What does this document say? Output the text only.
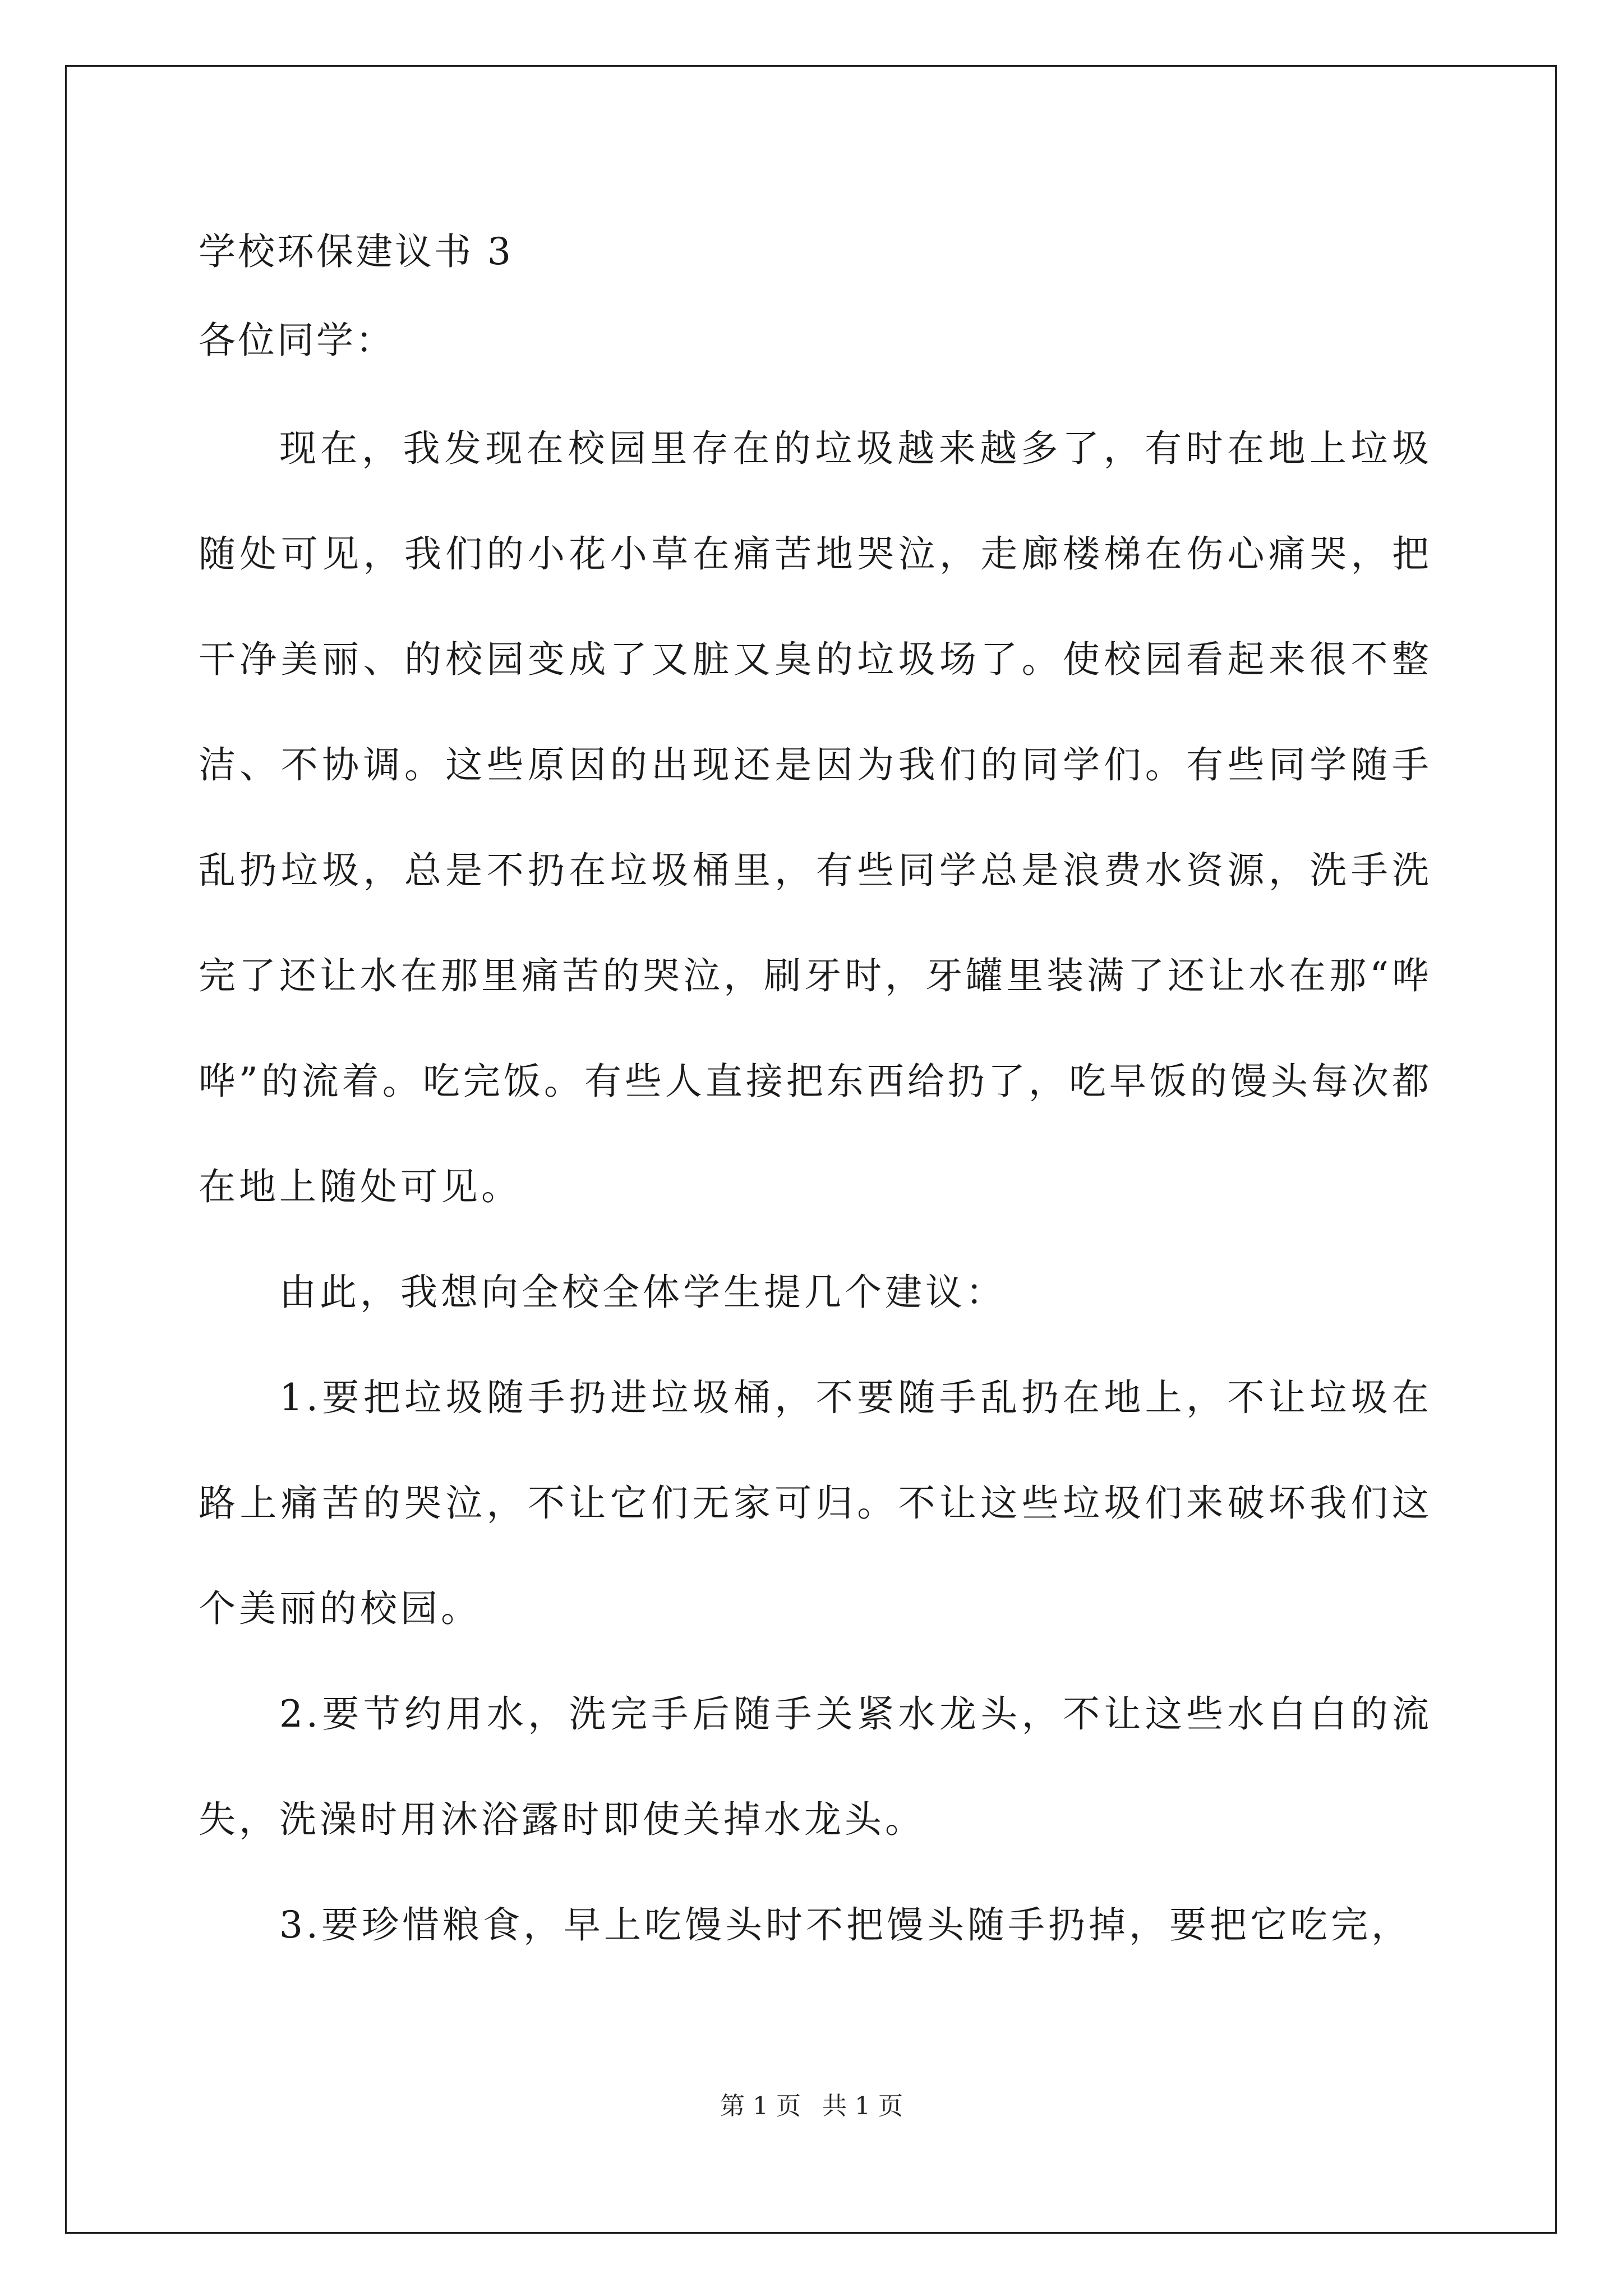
学校环保建议书 3

各位同学：

现在，我发现在校园里存在的垃圾越来越多了，有时在地上垃圾随处可见，我们的小花小草在痛苦地哭泣，走廊楼梯在伤心痛哭，把干净美丽、的校园变成了又脏又臭的垃圾场了。使校园看起来很不整洁、不协调。这些原因的出现还是因为我们的同学们。有些同学随手乱扔垃圾，总是不扔在垃圾桶里，有些同学总是浪费水资源，洗手洗完了还让水在那里痛苦的哭泣，刷牙时，牙罐里装满了还让水在那“哗哗”的流着。吃完饭。有些人直接把东西给扔了，吃早饭的馒头每次都在地上随处可见。

由此，我想向全校全体学生提几个建议：

1.要把垃圾随手扔进垃圾桶，不要随手乱扔在地上，不让垃圾在路上痛苦的哭泣，不让它们无家可归。不让这些垃圾们来破坏我们这个美丽的校园。

2.要节约用水，洗完手后随手关紧水龙头，不让这些水白白的流失，洗澡时用沐浴露时即使关掉水龙头。

3.要珍惜粮食，早上吃馒头时不把馒头随手扔掉，要把它吃完，

第 1 页 共 1 页
